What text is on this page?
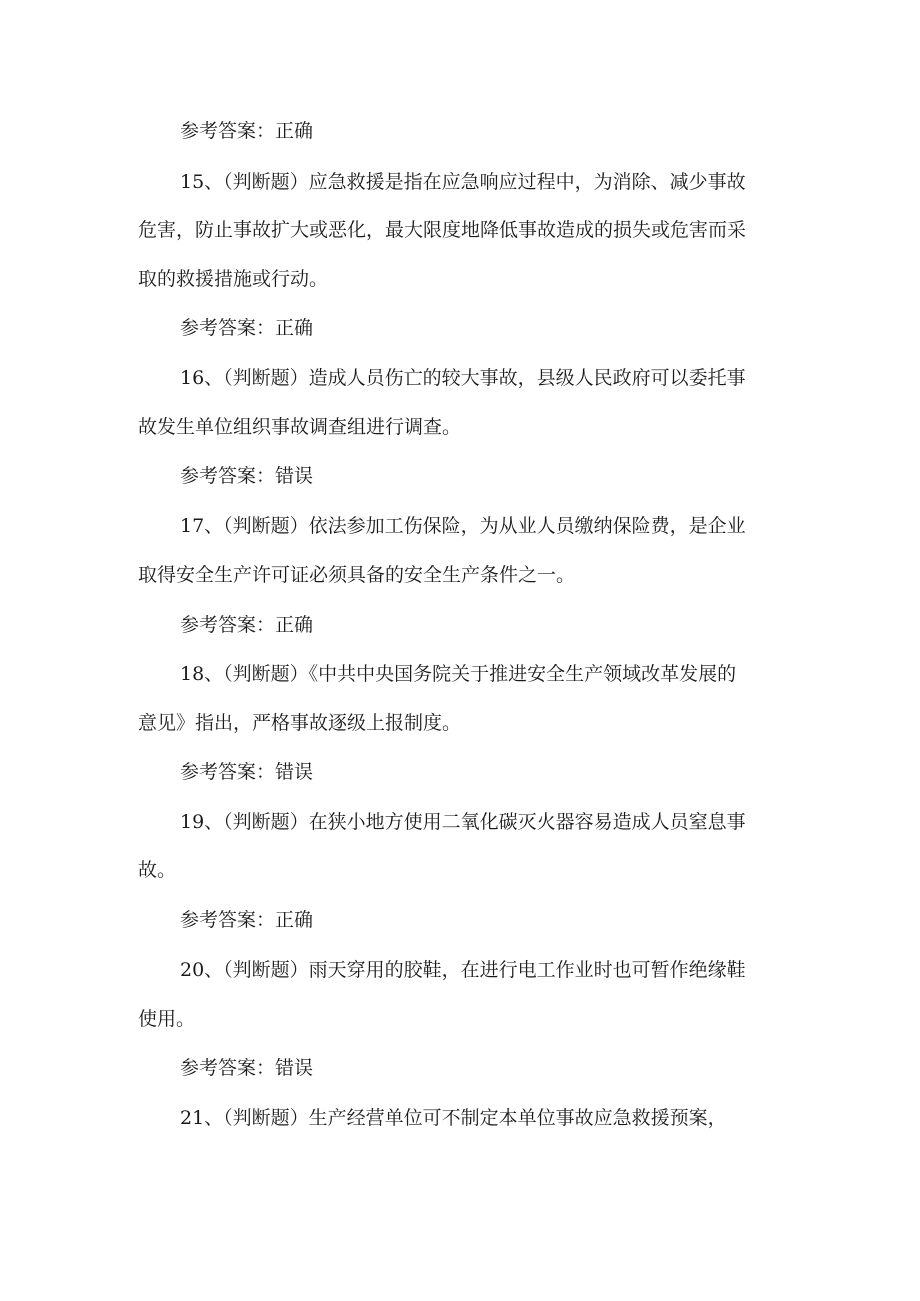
参考答案：正确
15、（判断题）应急救援是指在应急响应过程中，为消除、减少事故
危害，防止事故扩大或恶化，最大限度地降低事故造成的损失或危害而采
取的救援措施或行动。
参考答案：正确
16、（判断题）造成人员伤亡的较大事故，县级人民政府可以委托事
故发生单位组织事故调查组进行调查。
参考答案：错误
17、（判断题）依法参加工伤保险，为从业人员缴纳保险费，是企业
取得安全生产许可证必须具备的安全生产条件之一。
参考答案：正确
18、（判断题）《中共中央国务院关于推进安全生产领域改革发展的
意见》指出，严格事故逐级上报制度。
参考答案：错误
19、（判断题）在狭小地方使用二氧化碳灭火器容易造成人员窒息事
故。
参考答案：正确
20、（判断题）雨天穿用的胶鞋，在进行电工作业时也可暂作绝缘鞋
使用。
参考答案：错误
21、（判断题）生产经营单位可不制定本单位事故应急救援预案，
